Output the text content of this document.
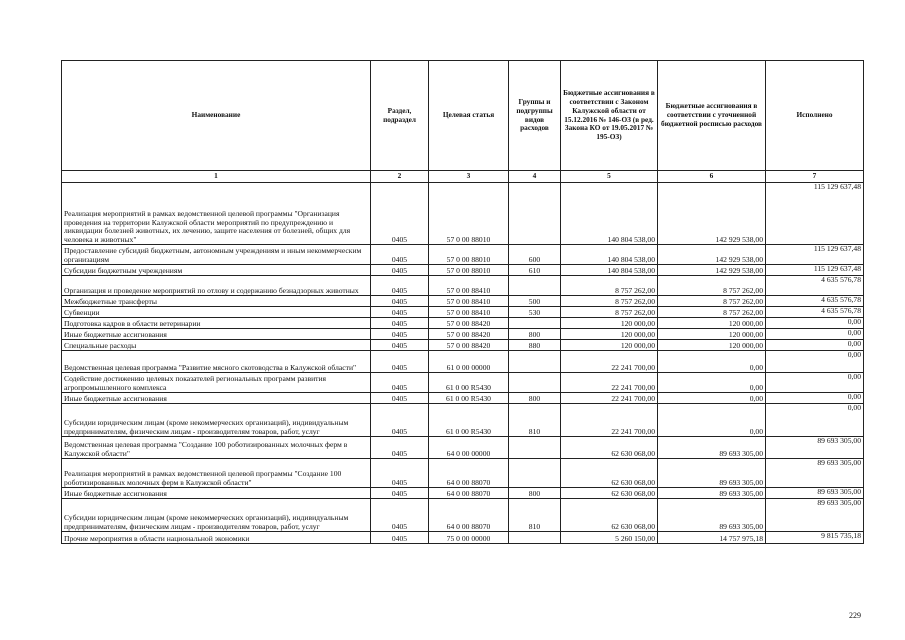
Наименование	Раздел, подраздел	Целевая статья	Группы и подгруппы видов расходов	Бюджетные ассигнования в соответствии с Законом Калужской области от 15.12.2016 № 146-ОЗ (в ред. Закона КО от 19.05.2017 № 195-ОЗ)	Бюджетные ассигнования в соответствии с уточненной бюджетной росписью расходов	Исполнено
1	2	3	4	5	6	7
Реализация мероприятий в рамках ведомственной целевой программы "Организация проведения на территории Калужской области мероприятий по предупреждению и ликвидации болезней животных, их лечению, защите населения от болезней, общих для человека и животных"	0405	57 0 00 88010		140 804 538,00	142 929 538,00	115 129 637,48
Предоставление субсидий бюджетным, автономным учреждениям и иным некоммерческим организациям	0405	57 0 00 88010	600	140 804 538,00	142 929 538,00	115 129 637,48
Субсидии бюджетным учреждениям	0405	57 0 00 88010	610	140 804 538,00	142 929 538,00	115 129 637,48
Организация и проведение мероприятий по отлову и содержанию безнадзорных животных	0405	57 0 00 88410		8 757 262,00	8 757 262,00	4 635 576,78
Межбюджетные трансферты	0405	57 0 00 88410	500	8 757 262,00	8 757 262,00	4 635 576,78
Субвенции	0405	57 0 00 88410	530	8 757 262,00	8 757 262,00	4 635 576,78
Подготовка кадров в области ветеринарии	0405	57 0 00 88420		120 000,00	120 000,00	0,00
Иные бюджетные ассигнования	0405	57 0 00 88420	800	120 000,00	120 000,00	0,00
Специальные расходы	0405	57 0 00 88420	880	120 000,00	120 000,00	0,00
Ведомственная целевая программа "Развитие мясного скотоводства в Калужской области"	0405	61 0 00 00000		22 241 700,00	0,00	0,00
Содействие достижению целевых показателей региональных программ развития агропромышленного комплекса	0405	61 0 00 R5430		22 241 700,00	0,00	0,00
Иные бюджетные ассигнования	0405	61 0 00 R5430	800	22 241 700,00	0,00	0,00
Субсидии юридическим лицам (кроме некоммерческих организаций), индивидуальным предпринимателям, физическим лицам - производителям товаров, работ, услуг	0405	61 0 00 R5430	810	22 241 700,00	0,00	0,00
Ведомственная целевая программа "Создание 100 роботизированных молочных ферм в Калужской области"	0405	64 0 00 00000		62 630 068,00	89 693 305,00	89 693 305,00
Реализация мероприятий в рамках ведомственной целевой программы "Создание 100 роботизированных молочных ферм в Калужской области"	0405	64 0 00 88070		62 630 068,00	89 693 305,00	89 693 305,00
Иные бюджетные ассигнования	0405	64 0 00 88070	800	62 630 068,00	89 693 305,00	89 693 305,00
Субсидии юридическим лицам (кроме некоммерческих организаций), индивидуальным предпринимателям, физическим лицам - производителям товаров, работ, услуг	0405	64 0 00 88070	810	62 630 068,00	89 693 305,00	89 693 305,00
Прочие мероприятия в области национальной экономики	0405	75 0 00 00000		5 260 150,00	14 757 975,18	9 815 735,18
229
